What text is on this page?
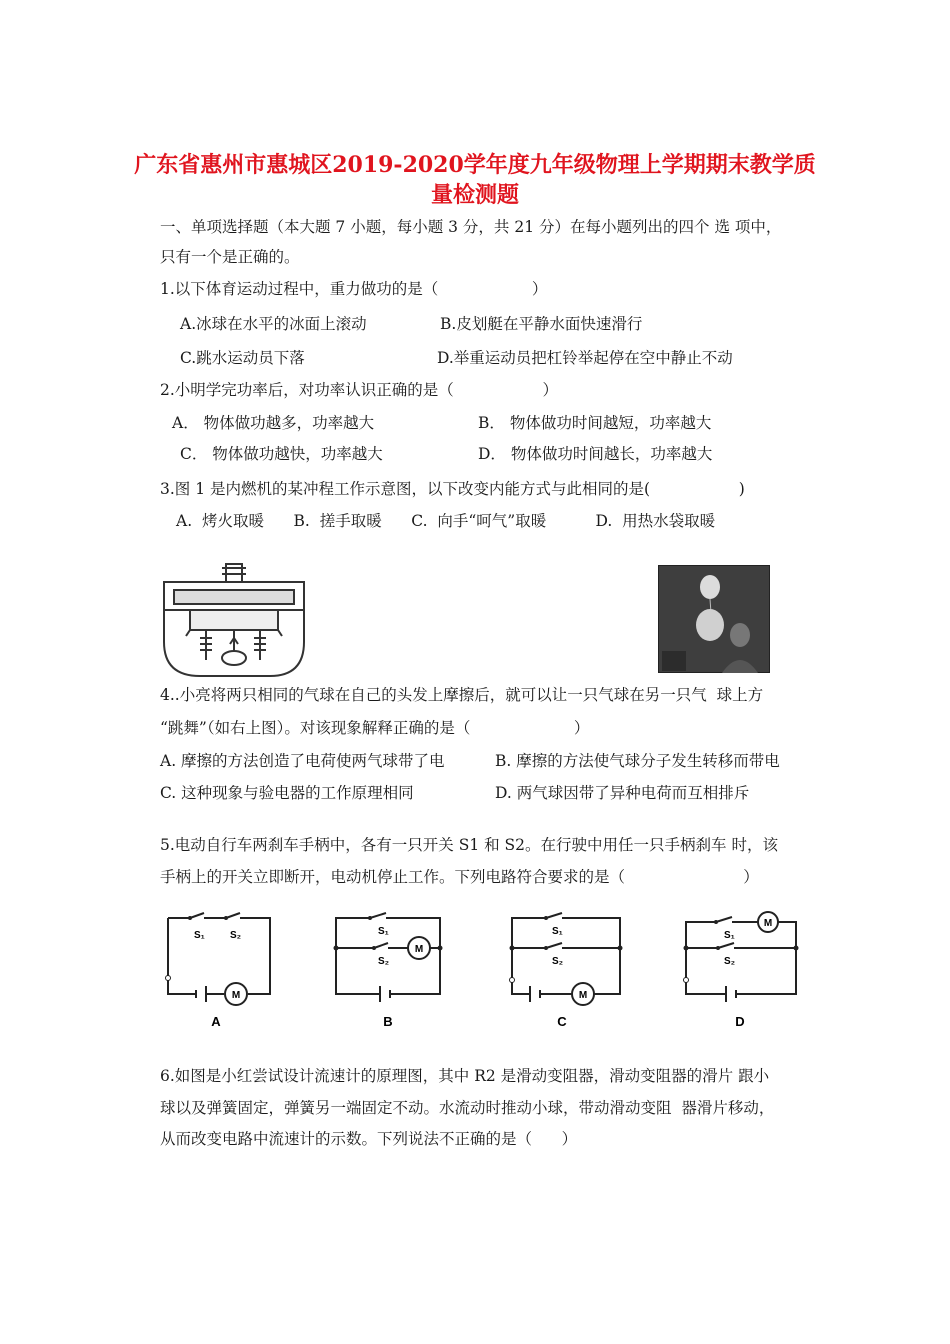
广东省惠州市惠城区2019-2020学年度九年级物理上学期期末教学质
量检测题
一、单项选择题（本大题 7 小题，每小题 3 分，共 21 分）在每小题列出的四个 选 项中，
只有一个是正确的。
1.以下体育运动过程中，重力做功的是（                   ）
A.冰球在水平的冰面上滚动	B.皮划艇在平静水面快速滑行
C.跳水运动员下落	D.举重运动员把杠铃举起停在空中静止不动
2.小明学完功率后，对功率认识正确的是（                  ）
A． 物体做功越多，功率越大	B． 物体做功时间越短，功率越大
C． 物体做功越快，功率越大	D． 物体做功时间越长，功率越大
3.图 1 是内燃机的某冲程工作示意图，以下改变内能方式与此相同的是(                  )
A.  烤火取暖      B.  搓手取暖      C.  向手“呵气”取暖          D.  用热水袋取暖
4..小亮将两只相同的气球在自己的头发上摩擦后，就可以让一只气球在另一只气  球上方
“跳舞”（如右上图）。对该现象解释正确的是（                     ）
A. 摩擦的方法创造了电荷使两气球带了电	B. 摩擦的方法使气球分子发生转移而带电
C. 这种现象与验电器的工作原理相同	D. 两气球因带了异种电荷而互相排斥
5.电动自行车两刹车手柄中，各有一只开关 S1 和 S2。在行驶中用任一只手柄刹车 时，该
手柄上的开关立即断开，电动机停止工作。下列电路符合要求的是（                        ）
S₁	S₂
M
A
S₁
S₂
M
B
S₁
S₂
M
C
S₁
S₂
M
D
6.如图是小红尝试设计流速计的原理图，其中 R2 是滑动变阻器，滑动变阻器的滑片 跟小
球以及弹簧固定，弹簧另一端固定不动。水流动时推动小球，带动滑动变阻  器滑片移动，
从而改变电路中流速计的示数。下列说法不正确的是（      ）
